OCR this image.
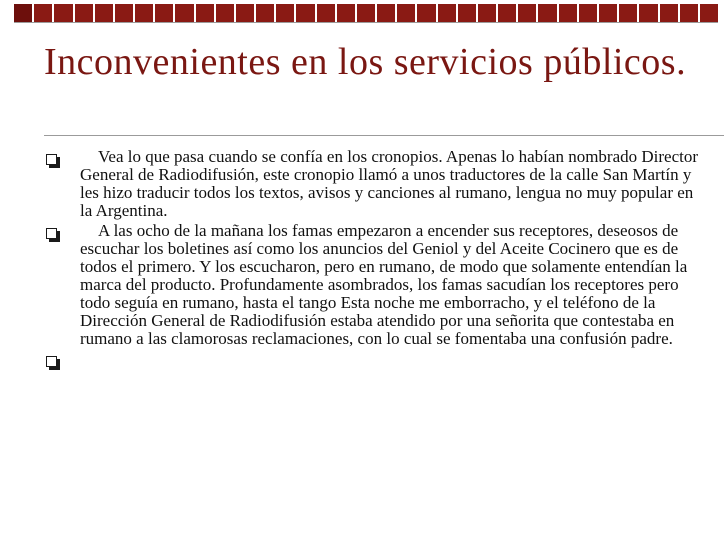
Inconvenientes en los servicios públicos.

Vea lo que pasa cuando se confía en los cronopios. Apenas lo habían nombrado Director General de Radiodifusión, este cronopio llamó a unos traductores de la calle San Martín y les hizo traducir todos los textos, avisos y canciones al rumano, lengua no muy popular en la Argentina.

A las ocho de la mañana los famas empezaron a encender sus receptores, deseosos de escuchar los boletines así como los anuncios del Geniol y del Aceite Cocinero que es de todos el primero. Y los escucharon, pero en rumano, de modo que solamente entendían la marca del producto. Profundamente asombrados, los famas sacudían los receptores pero todo seguía en rumano, hasta el tango Esta noche me emborracho, y el teléfono de la Dirección General de Radiodifusión estaba atendido por una señorita que contestaba en rumano a las clamorosas reclamaciones, con lo cual se fomentaba una confusión padre.
